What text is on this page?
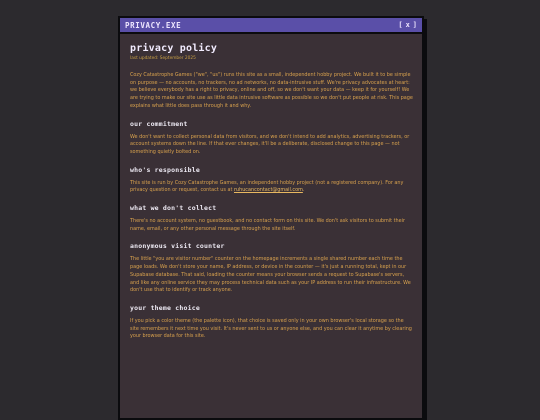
PRIVACY.EXE	[ x ]
privacy policy
last updated: September 2025

Cozy Catastrophe Games ("we", "us") runs this site as a small, independent hobby project. We built it to be simple on purpose — no accounts, no trackers, no ad networks, no data-intrusive stuff. We're privacy advocates at heart: we believe everybody has a right to privacy, online and off, so we don't want your data — keep it for yourself! We are trying to make our site use as little data intrusive software as possible so we don't put people at risk. This page explains what little does pass through it and why.

our commitment

We don't want to collect personal data from visitors, and we don't intend to add analytics, advertising trackers, or account systems down the line. If that ever changes, it'll be a deliberate, disclosed change to this page — not something quietly bolted on.

who's responsible

This site is run by Cozy Catastrophe Games, an independent hobby project (not a registered company). For any privacy question or request, contact us at ruhucancontact@gmail.com.

what we don't collect

There's no account system, no guestbook, and no contact form on this site. We don't ask visitors to submit their name, email, or any other personal message through the site itself.

anonymous visit counter

The little "you are visitor number" counter on the homepage increments a single shared number each time the page loads. We don't store your name, IP address, or device in the counter — it's just a running total, kept in our Supabase database. That said, loading the counter means your browser sends a request to Supabase's servers, and like any online service they may process technical data such as your IP address to run their infrastructure. We don't use that to identify or track anyone.

your theme choice

If you pick a color theme (the palette icon), that choice is saved only in your own browser's local storage so the site remembers it next time you visit. It's never sent to us or anyone else, and you can clear it anytime by clearing your browser data for this site.
